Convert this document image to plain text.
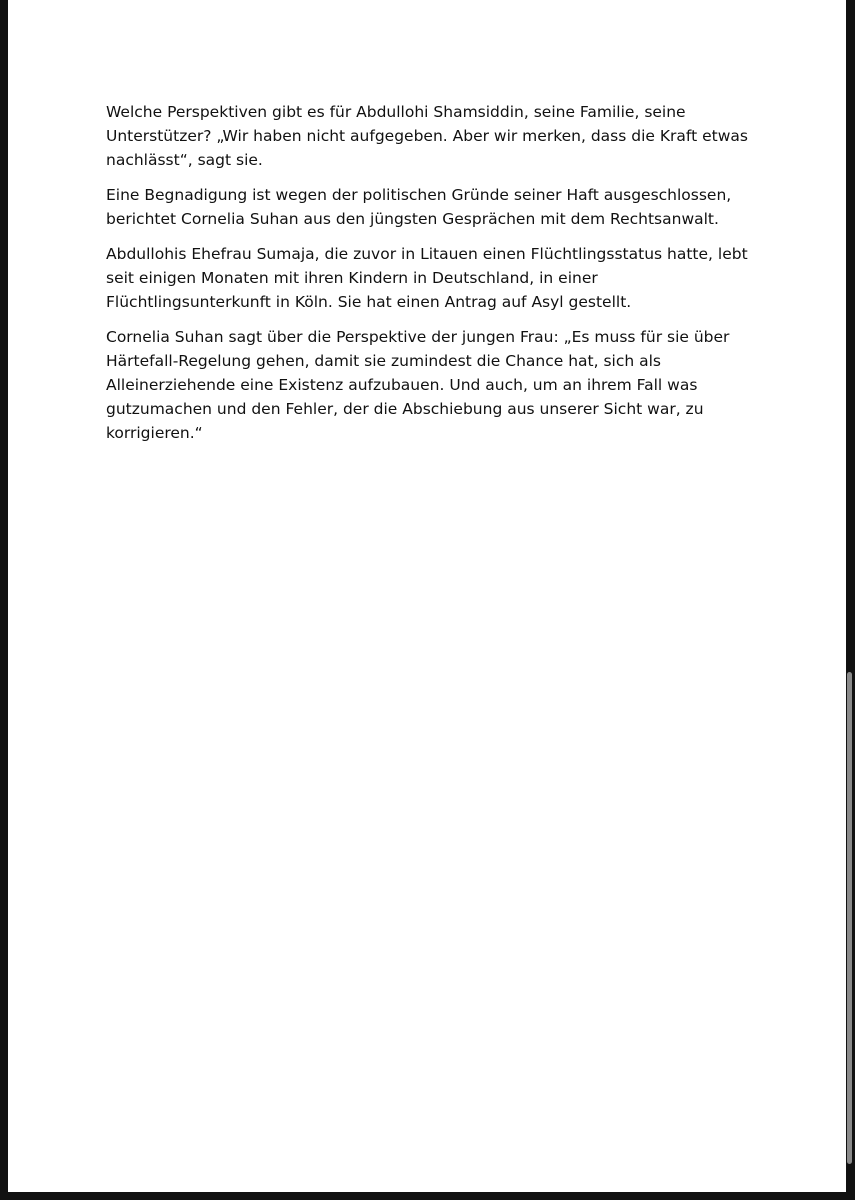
Welche Perspektiven gibt es für Abdullohi Shamsiddin, seine Familie, seine Unterstützer? „Wir haben nicht aufgegeben. Aber wir merken, dass die Kraft etwas nachlässt“, sagt sie.

Eine Begnadigung ist wegen der politischen Gründe seiner Haft ausgeschlossen, berichtet Cornelia Suhan aus den jüngsten Gesprächen mit dem Rechtsanwalt.

Abdullohis Ehefrau Sumaja, die zuvor in Litauen einen Flüchtlingsstatus hatte, lebt seit einigen Monaten mit ihren Kindern in Deutschland, in einer Flüchtlingsunterkunft in Köln. Sie hat einen Antrag auf Asyl gestellt.

Cornelia Suhan sagt über die Perspektive der jungen Frau: „Es muss für sie über Härtefall-Regelung gehen, damit sie zumindest die Chance hat, sich als Alleinerziehende eine Existenz aufzubauen. Und auch, um an ihrem Fall was gutzumachen und den Fehler, der die Abschiebung aus unserer Sicht war, zu korrigieren.“
